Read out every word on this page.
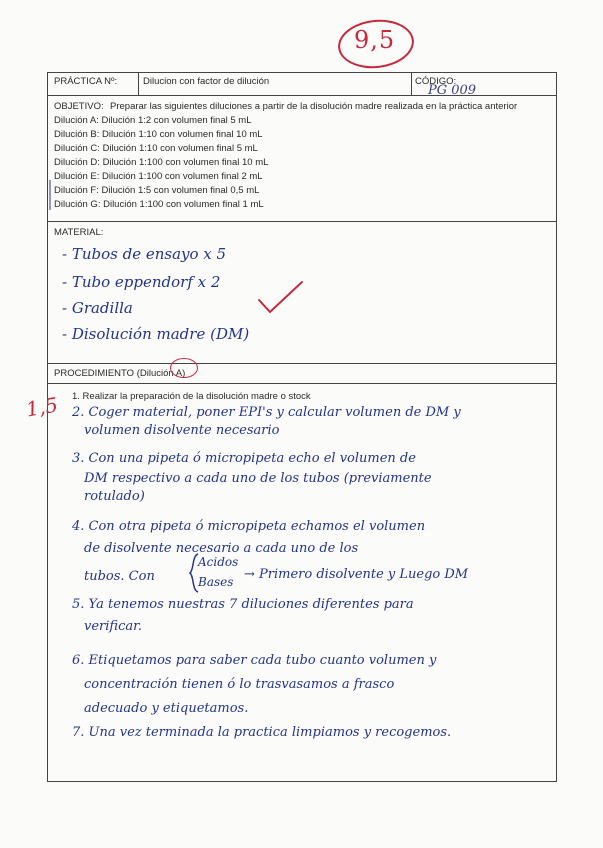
9,5
PRÁCTICA Nº:	Dilucion con factor de dilución	CÓDIGO:
PG 009
OBJETIVO: Preparar las siguientes diluciones a partir de la disolución madre realizada en la práctica anterior
Dilución A: Dilución 1:2 con volumen final 5 mL
Dilución B: Dilución 1:10 con volumen final 10 mL
Dilución C: Dilución 1:10 con volumen final 5 mL
Dilución D: Dilución 1:100 con volumen final 10 mL
Dilución E: Dilución 1:100 con volumen final 2 mL
Dilución F: Dilución 1:5 con volumen final 0,5 mL
Dilución G: Dilución 1:100 con volumen final 1 mL
MATERIAL:
- Tubos de ensayo x 5
- Tubo eppendorf x 2
- Gradilla
- Disolución madre (DM)
PROCEDIMIENTO (Dilución A)
1. Realizar la preparación de la disolución madre o stock
2. Coger material, poner EPI's y calcular volumen de DM y
volumen disolvente necesario
3. Con una pipeta ó micropipeta echo el volumen de
DM respectivo a cada uno de los tubos (previamente
rotulado)
4. Con otra pipeta ó micropipeta echamos el volumen
de disolvente necesario a cada uno de los
tubos. Con
Acidos
Bases → Primero disolvente y Luego DM
5. Ya tenemos nuestras 7 diluciones diferentes para
verificar.
6. Etiquetamos para saber cada tubo cuanto volumen y
concentración tienen ó lo trasvasamos a frasco
adecuado y etiquetamos.
7. Una vez terminada la practica limpiamos y recogemos.
1,5
